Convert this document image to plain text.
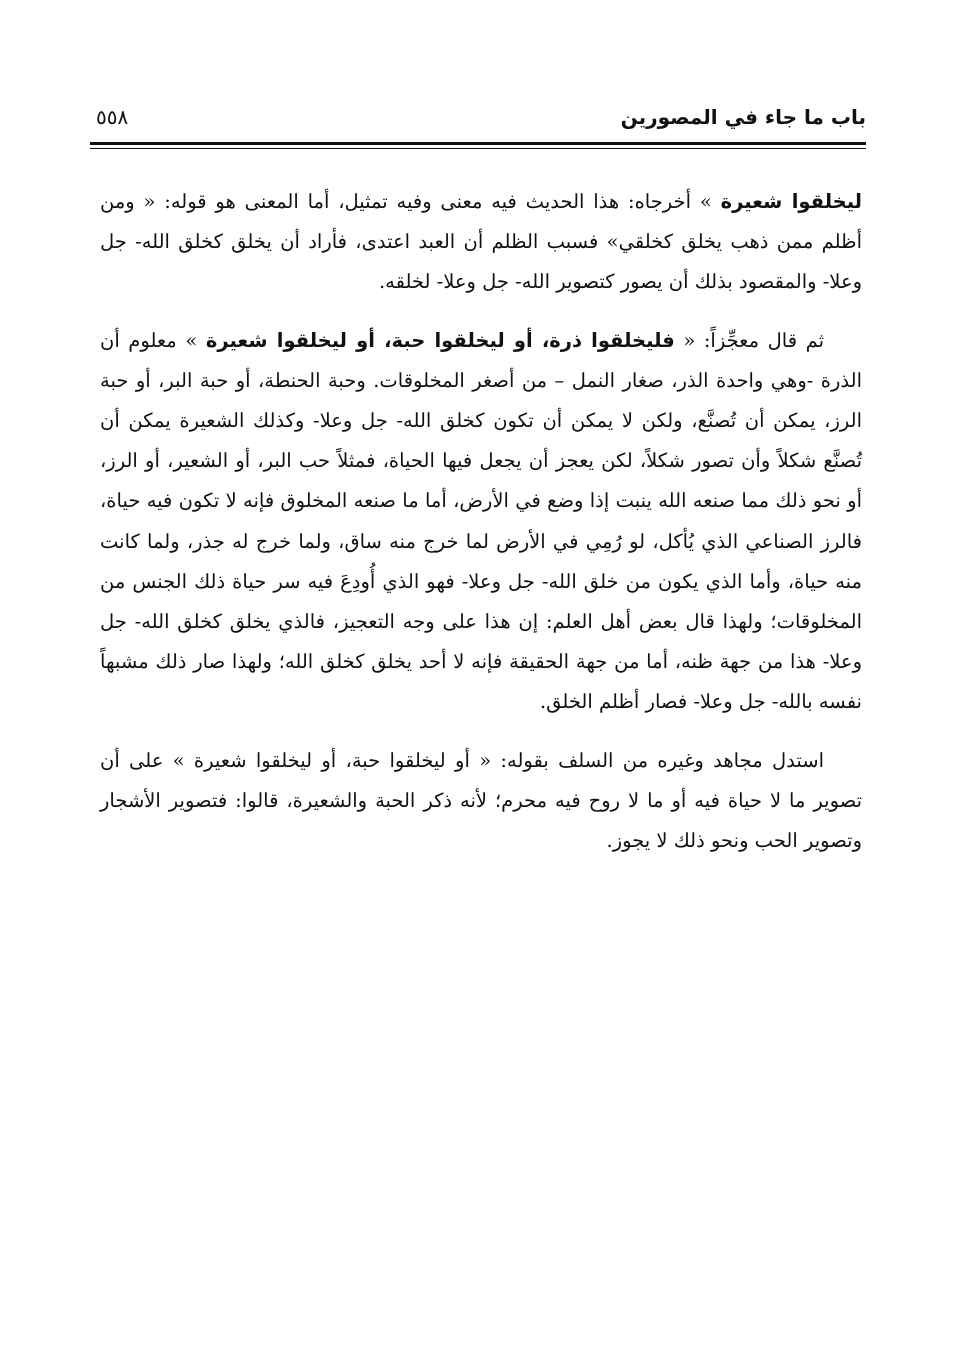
باب ما جاء في المصورين
٥٥٨

ليخلقوا شعيرة » أخرجاه: هذا الحديث فيه معنى وفيه تمثيل، أما المعنى هو قوله: « ومن أظلم ممن ذهب يخلق كخلقي» فسبب الظلم أن العبد اعتدى، فأراد أن يخلق كخلق الله- جل وعلا- والمقصود بذلك أن يصور كتصوير الله- جل وعلا- لخلقه.

ثم قال معجِّزاً: « فليخلقوا ذرة، أو ليخلقوا حبة، أو ليخلقوا شعيرة » معلوم أن الذرة -وهي واحدة الذر، صغار النمل – من أصغر المخلوقات. وحبة الحنطة، أو حبة البر، أو حبة الرز، يمكن أن تُصنَّع، ولكن لا يمكن أن تكون كخلق الله- جل وعلا- وكذلك الشعيرة يمكن أن تُصنَّع شكلاً وأن تصور شكلاً، لكن يعجز أن يجعل فيها الحياة، فمثلاً حب البر، أو الشعير، أو الرز، أو نحو ذلك مما صنعه الله ينبت إذا وضع في الأرض، أما ما صنعه المخلوق فإنه لا تكون فيه حياة، فالرز الصناعي الذي يُأكل، لو رُمِي في الأرض لما خرج منه ساق، ولما خرج له جذر، ولما كانت منه حياة، وأما الذي يكون من خلق الله- جل وعلا- فهو الذي أُودِعَ فيه سر حياة ذلك الجنس من المخلوقات؛ ولهذا قال بعض أهل العلم: إن هذا على وجه التعجيز، فالذي يخلق كخلق الله- جل وعلا- هذا من جهة ظنه، أما من جهة الحقيقة فإنه لا أحد يخلق كخلق الله؛ ولهذا صار ذلك مشبهاً نفسه بالله- جل وعلا- فصار أظلم الخلق.

استدل مجاهد وغيره من السلف بقوله: « أو ليخلقوا حبة، أو ليخلقوا شعيرة » على أن تصوير ما لا حياة فيه أو ما لا روح فيه محرم؛ لأنه ذكر الحبة والشعيرة، قالوا: فتصوير الأشجار وتصوير الحب ونحو ذلك لا يجوز.
